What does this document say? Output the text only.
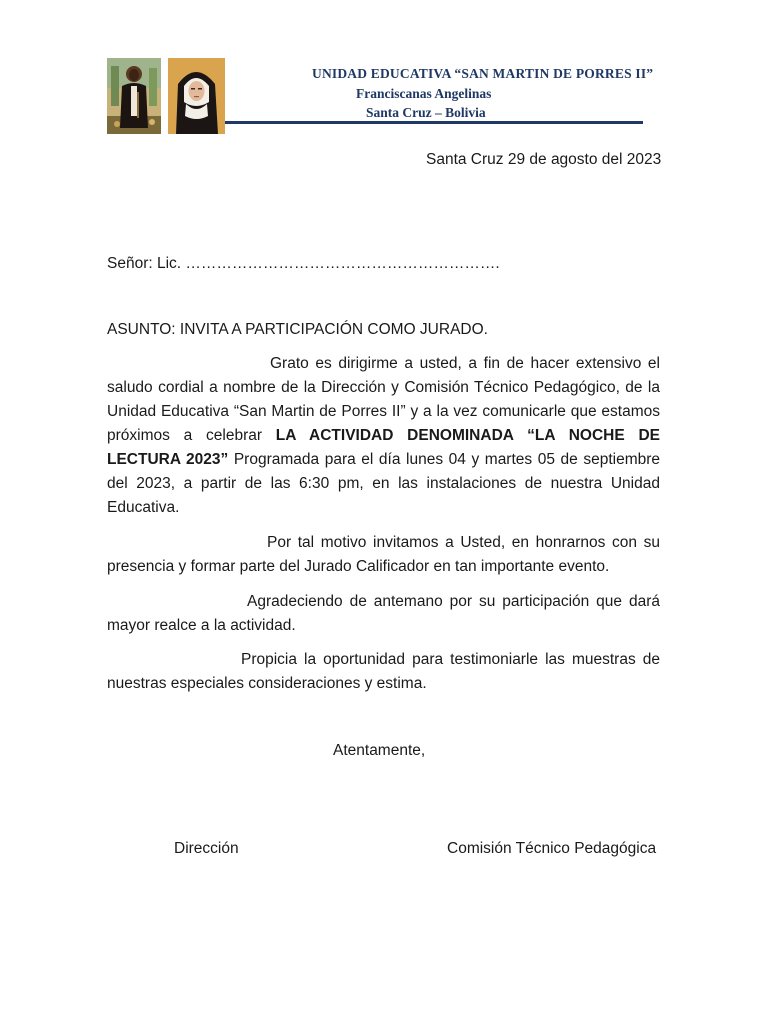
UNIDAD EDUCATIVA “SAN MARTIN DE PORRES II”
Franciscanas Angelinas
Santa Cruz – Bolivia
Santa Cruz 29 de agosto del 2023
Señor: Lic. …………………………………………………….
ASUNTO: INVITA A PARTICIPACIÓN COMO JURADO.
Grato es dirigirme a usted, a fin de hacer extensivo el saludo cordial a nombre de la Dirección y Comisión Técnico Pedagógico, de la Unidad Educativa “San Martin de Porres II” y a la vez comunicarle que estamos próximos a celebrar LA ACTIVIDAD DENOMINADA “LA NOCHE DE LECTURA 2023” Programada para el día lunes 04 y martes 05 de septiembre del 2023, a partir de las 6:30 pm, en las instalaciones de nuestra Unidad Educativa.
Por tal motivo invitamos a Usted, en honrarnos con su presencia y formar parte del Jurado Calificador en tan importante evento.
Agradeciendo de antemano por su participación que dará mayor realce a la actividad.
Propicia la oportunidad para testimoniarle las muestras de nuestras especiales consideraciones y estima.
Atentamente,
Dirección	Comisión Técnico Pedagógica
